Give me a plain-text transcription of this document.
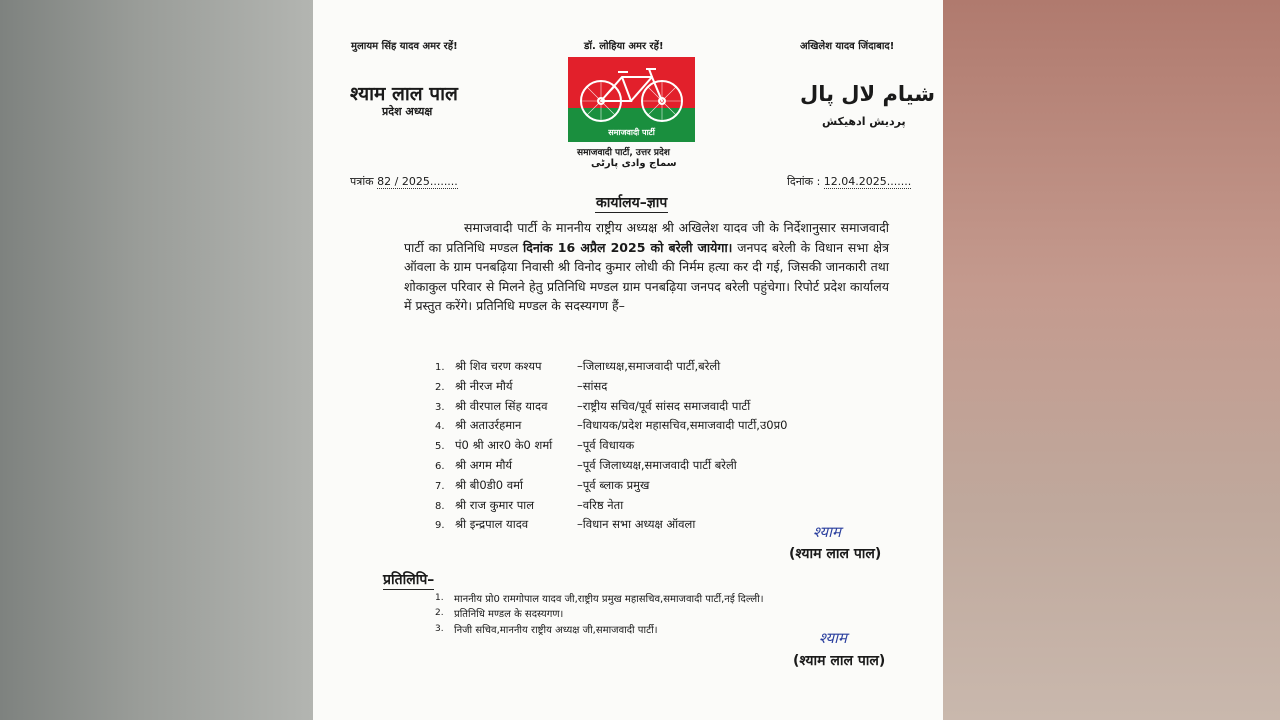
मुलायम सिंह यादव अमर रहें!	डॉ. लोहिया अमर रहें!	अखिलेश यादव जिंदाबाद!
श्याम लाल पाल
प्रदेश अध्यक्ष
شیام لال پال
پردیش ادھیکش
समाजवादी पार्टी
समाजवादी पार्टी, उत्तर प्रदेश
سماج وادی پارٹی
पत्रांक 82 / 2025........	दिनांक : 12.04.2025.......
कार्यालय–ज्ञाप

समाजवादी पार्टी के माननीय राष्ट्रीय अध्यक्ष श्री अखिलेश यादव जी के निर्देशानुसार समाजवादी पार्टी का प्रतिनिधि मण्डल दिनांक 16 अप्रैल 2025 को बरेली जायेगा। जनपद बरेली के विधान सभा क्षेत्र ऑवला के ग्राम पनबढ़िया निवासी श्री विनोद कुमार लोधी की निर्मम हत्या कर दी गई, जिसकी जानकारी तथा शोकाकुल परिवार से मिलने हेतु प्रतिनिधि मण्डल ग्राम पनबढ़िया जनपद बरेली पहुंचेगा। रिपोर्ट प्रदेश कार्यालय में प्रस्तुत करेंगे। प्रतिनिधि मण्डल के सदस्यगण हैं–

1. श्री शिव चरण कश्यप	–जिलाध्यक्ष,समाजवादी पार्टी,बरेली
2. श्री नीरज मौर्य	–सांसद
3. श्री वीरपाल सिंह यादव	–राष्ट्रीय सचिव/पूर्व सांसद समाजवादी पार्टी
4. श्री अताउर्रहमान	–विधायक/प्रदेश महासचिव,समाजवादी पार्टी,उ0प्र0
5. पं0 श्री आर0 के0 शर्मा –पूर्व विधायक
6. श्री अगम मौर्य	–पूर्व जिलाध्यक्ष,समाजवादी पार्टी बरेली
7. श्री बी0डी0 वर्मा	–पूर्व ब्लाक प्रमुख
8. श्री राज कुमार पाल	–वरिष्ठ नेता
9. श्री इन्द्रपाल यादव	–विधान सभा अध्यक्ष ऑवला	श्याम
(श्याम लाल पाल)
प्रतिलिपि–
1. माननीय प्रो0 रामगोपाल यादव जी,राष्ट्रीय प्रमुख महासचिव,समाजवादी पार्टी,नई दिल्ली।
2. प्रतिनिधि मण्डल के सदस्यगण।
3. निजी सचिव,माननीय राष्ट्रीय अध्यक्ष जी,समाजवादी पार्टी।	श्याम
(श्याम लाल पाल)
